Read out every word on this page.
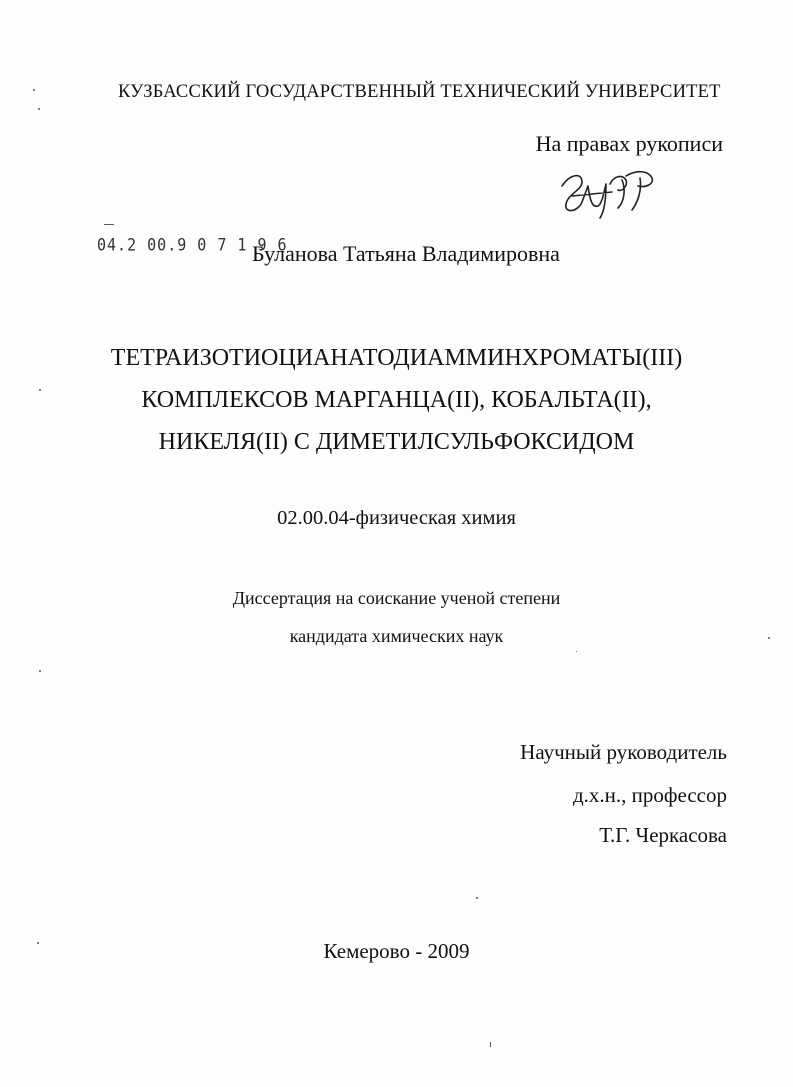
КУЗБАССКИЙ ГОСУДАРСТВЕННЫЙ ТЕХНИЧЕСКИЙ УНИВЕРСИТЕТ
На правах рукописи
04.2 00.9 0 7 1 9 6
Буланова Татьяна Владимировна
ТЕТРАИЗОТИОЦИАНАТОДИАММИНХРОМАТЫ(III)
КОМПЛЕКСОВ МАРГАНЦА(II), КОБАЛЬТА(II),
НИКЕЛЯ(II) С ДИМЕТИЛСУЛЬФОКСИДОМ
02.00.04-физическая химия
Диссертация на соискание ученой степени
кандидата химических наук
Научный руководитель
д.х.н., профессор
Т.Г. Черкасова
Кемерово - 2009
